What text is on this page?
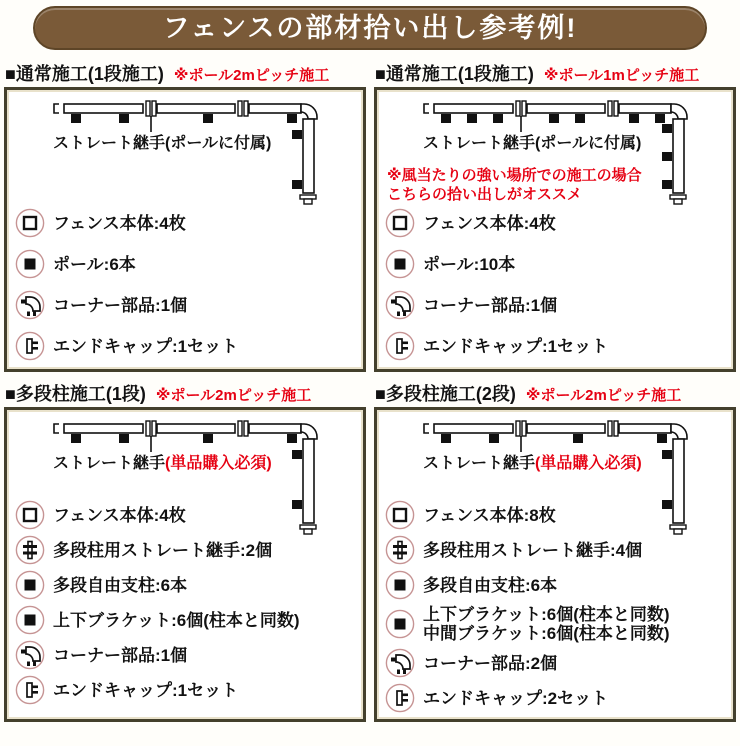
フェンスの部材拾い出し参考例!
■通常施工(1段施工) ※ポール2mピッチ施工
ストレート継手(ポールに付属)
フェンス本体:4枚
ポール:6本
コーナー部品:1個
エンドキャップ:1セット
■通常施工(1段施工) ※ポール1mピッチ施工
ストレート継手(ポールに付属)
※風当たりの強い場所での施工の場合
こちらの拾い出しがオススメ
フェンス本体:4枚
ポール:10本
コーナー部品:1個
エンドキャップ:1セット
■多段柱施工(1段) ※ポール2mピッチ施工
ストレート継手(単品購入必須)
フェンス本体:4枚
多段柱用ストレート継手:2個
多段自由支柱:6本
上下ブラケット:6個(柱本と同数)
コーナー部品:1個
エンドキャップ:1セット
■多段柱施工(2段) ※ポール2mピッチ施工
ストレート継手(単品購入必須)
フェンス本体:8枚
多段柱用ストレート継手:4個
多段自由支柱:6本
上下ブラケット:6個(柱本と同数)
中間ブラケット:6個(柱本と同数)
コーナー部品:2個
エンドキャップ:2セット
